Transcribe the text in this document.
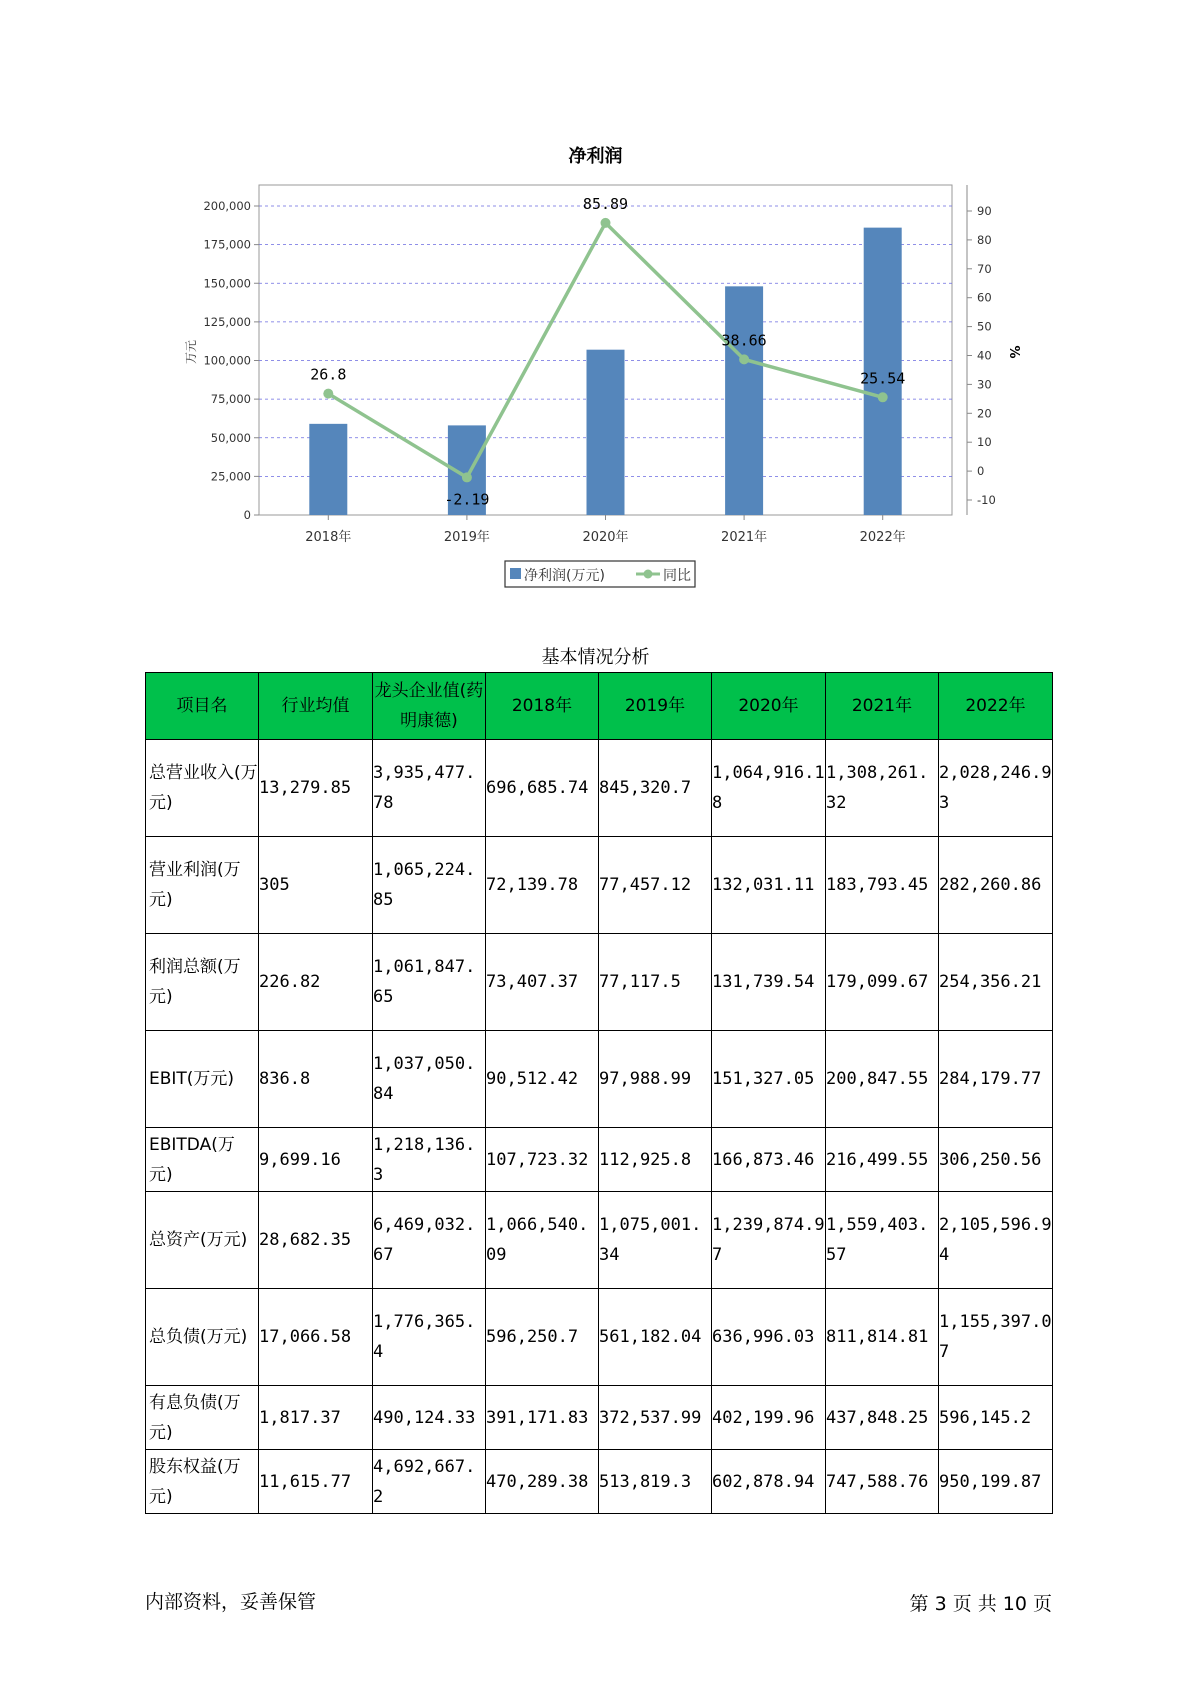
净利润
0
25,000
50,000
75,000
100,000
125,000
150,000
175,000
200,000
-10
0
10
20
30
40
50
60
70
80
90
万元	%
2018年	2019年	2020年	2021年	2022年
26.8
-2.19
85.89
38.66
25.54
净利润(万元)	同比
基本情况分析
项目名	行业均值	龙头企业值(药明康德)	2018年	2019年	2020年	2021年	2022年
总营业收入(万元)	13,279.85	3,935,477.78	696,685.74	845,320.7	1,064,916.18	1,308,261.32	2,028,246.93
营业利润(万元)	305	1,065,224.85	72,139.78	77,457.12	132,031.11	183,793.45	282,260.86
利润总额(万元)	226.82	1,061,847.65	73,407.37	77,117.5	131,739.54	179,099.67	254,356.21
EBIT(万元)	836.8	1,037,050.84	90,512.42	97,988.99	151,327.05	200,847.55	284,179.77
EBITDA(万元)	9,699.16	1,218,136.3	107,723.32	112,925.8	166,873.46	216,499.55	306,250.56
总资产(万元)	28,682.35	6,469,032.67	1,066,540.09	1,075,001.34	1,239,874.97	1,559,403.57	2,105,596.94
总负债(万元)	17,066.58	1,776,365.4	596,250.7	561,182.04	636,996.03	811,814.81	1,155,397.07
有息负债(万元)	1,817.37	490,124.33	391,171.83	372,537.99	402,199.96	437,848.25	596,145.2
股东权益(万元)	11,615.77	4,692,667.2	470,289.38	513,819.3	602,878.94	747,588.76	950,199.87
内部资料，妥善保管	第 3 页 共 10 页
